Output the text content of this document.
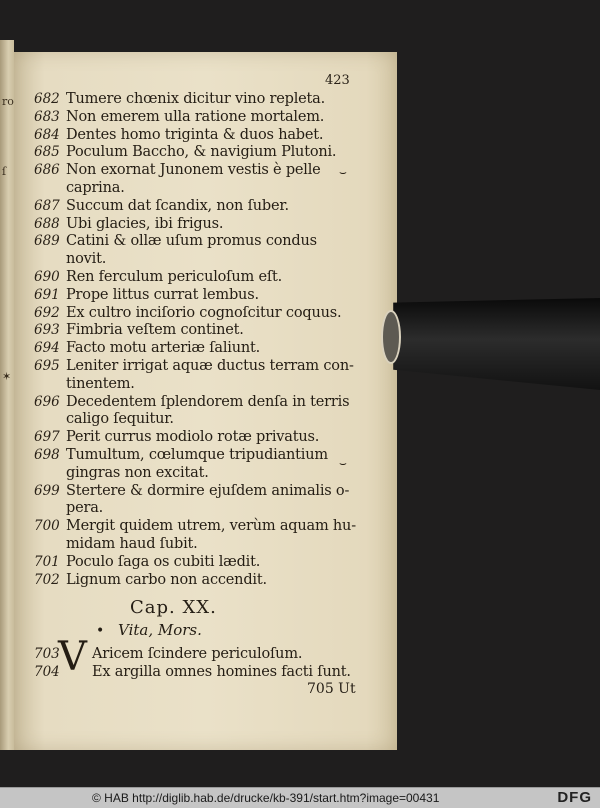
ro
ſ
✶
423
682 Tumere chœnix dicitur vino repleta.
683 Non emerem ulla ratione mortalem.
684 Dentes homo triginta & duos habet.
685 Poculum Baccho, & navigium Plutoni.
686 Non exornat Junonem vestis è pelle
caprina.
687 Succum dat ſcandix, non ſuber.
688 Ubi glacies, ibi frigus.
689 Catini & ollæ uſum promus condus
novit.
690 Ren ferculum periculoſum eſt.
691 Prope littus currat lembus.
692 Ex cultro inciſorio cognoſcitur coquus.
693 Fimbria veſtem continet.
694 Facto motu arteriæ ſaliunt.
695 Leniter irrigat aquæ ductus terram con-
tinentem.
696 Decedentem ſplendorem denſa in terris
caligo ſequitur.
697 Perit currus modiolo rotæ privatus.
698 Tumultum, cœlumque tripudiantium
gingras non excitat.
699 Stertere & dormire ejuſdem animalis o-
pera.
700 Mergit quidem utrem, verùm aquam hu-
midam haud ſubit.
701 Poculo ſaga os cubiti lædit.
702 Lignum carbo non accendit.
⌣
⌣
Cap. XX.
• Vita, Mors.
V
703 Aricem ſcindere periculoſum.
704 Ex argilla omnes homines facti ſunt.
705 Ut
© HAB http://diglib.hab.de/drucke/kb-391/start.htm?image=00431	DFG
